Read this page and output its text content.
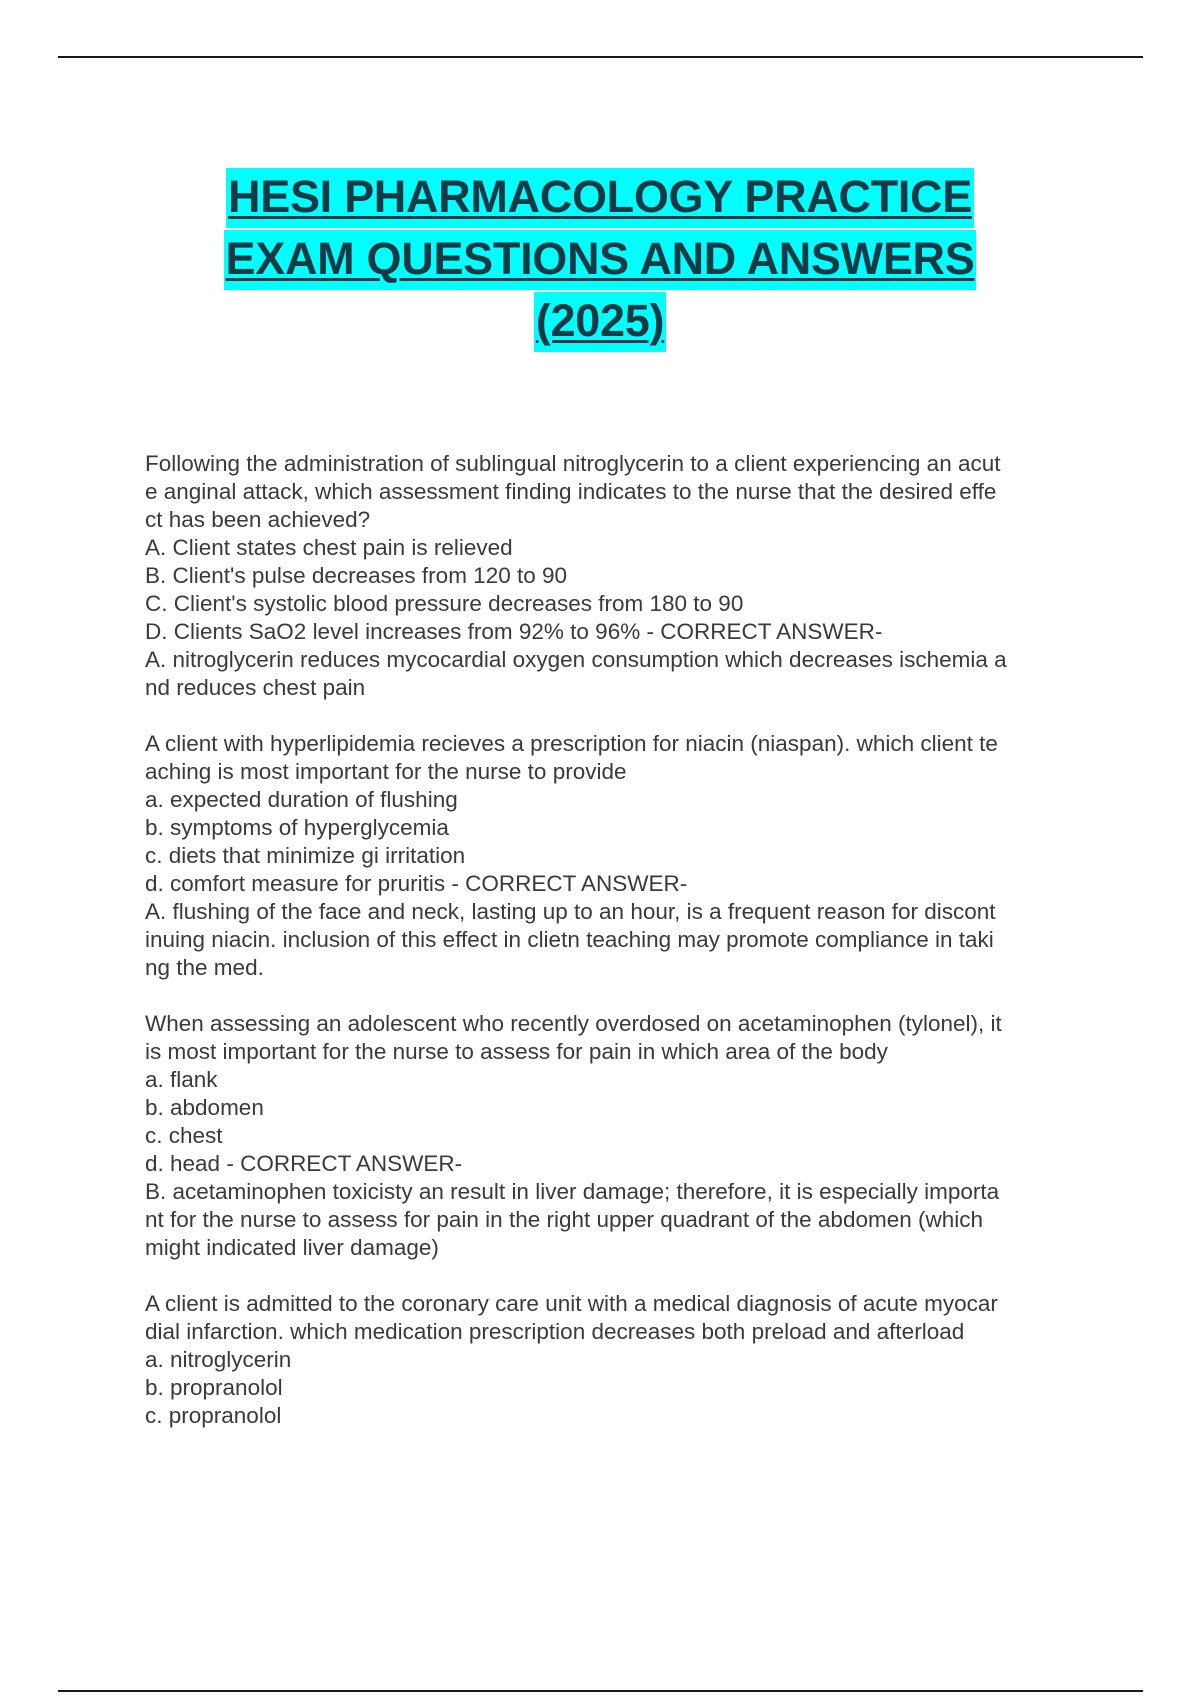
HESI PHARMACOLOGY PRACTICE
EXAM QUESTIONS AND ANSWERS
(2025)
Following the administration of sublingual nitroglycerin to a client experiencing an acut
e anginal attack, which assessment finding indicates to the nurse that the desired effe
ct has been achieved?
A. Client states chest pain is relieved
B. Client's pulse decreases from 120 to 90
C. Client's systolic blood pressure decreases from 180 to 90
D. Clients SaO2 level increases from 92% to 96% - CORRECT ANSWER-
A. nitroglycerin reduces mycocardial oxygen consumption which decreases ischemia a
nd reduces chest pain
A client with hyperlipidemia recieves a prescription for niacin (niaspan). which client te
aching is most important for the nurse to provide
a. expected duration of flushing
b. symptoms of hyperglycemia
c. diets that minimize gi irritation
d. comfort measure for pruritis - CORRECT ANSWER-
A. flushing of the face and neck, lasting up to an hour, is a frequent reason for discont
inuing niacin. inclusion of this effect in clietn teaching may promote compliance in taki
ng the med.
When assessing an adolescent who recently overdosed on acetaminophen (tylonel), it
is most important for the nurse to assess for pain in which area of the body
a. flank
b. abdomen
c. chest
d. head - CORRECT ANSWER-
B. acetaminophen toxicisty an result in liver damage; therefore, it is especially importa
nt for the nurse to assess for pain in the right upper quadrant of the abdomen (which
might indicated liver damage)
A client is admitted to the coronary care unit with a medical diagnosis of acute myocar
dial infarction. which medication prescription decreases both preload and afterload
a. nitroglycerin
b. propranolol
c. propranolol
